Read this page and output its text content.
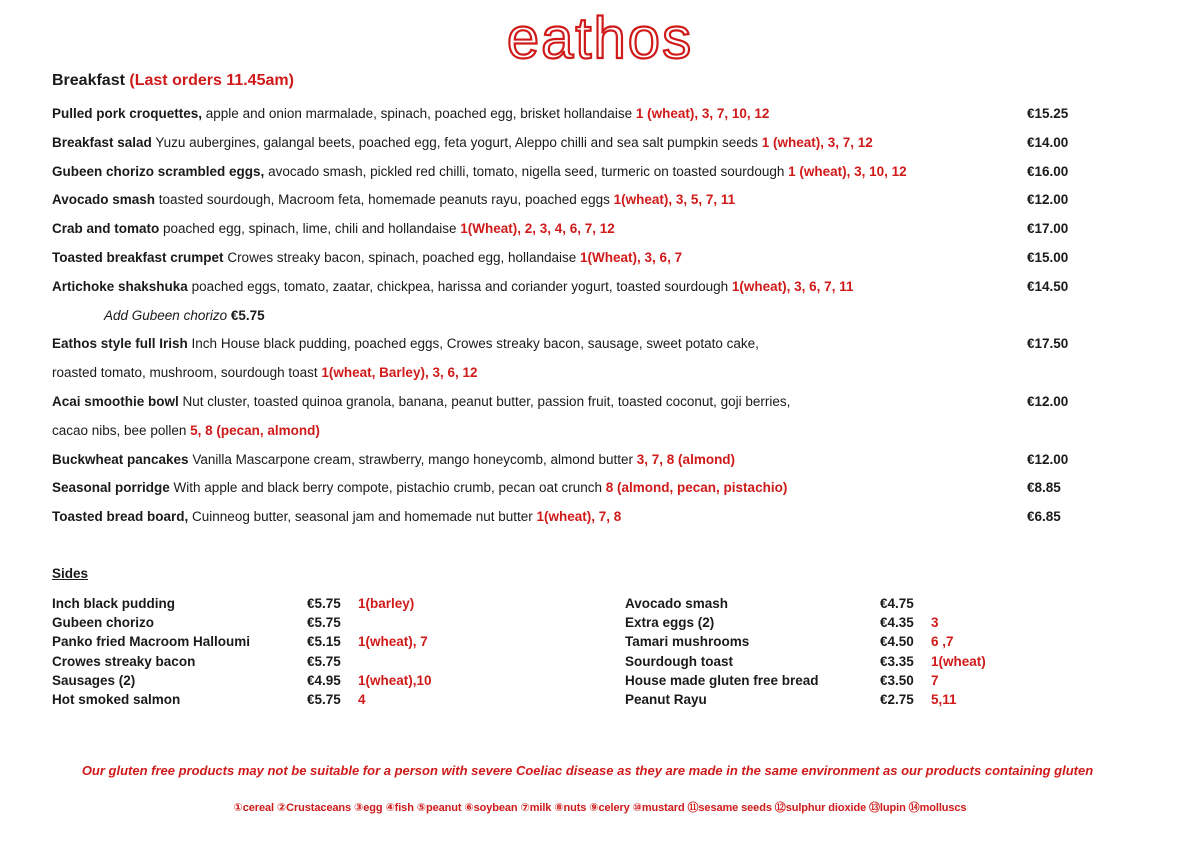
eathos
Breakfast (Last orders 11.45am)
Pulled pork croquettes, apple and onion marmalade, spinach, poached egg, brisket hollandaise 1 (wheat), 3, 7, 10, 12	€15.25
Breakfast salad Yuzu aubergines, galangal beets, poached egg, feta yogurt, Aleppo chilli and sea salt pumpkin seeds 1 (wheat), 3, 7, 12	€14.00
Gubeen chorizo scrambled eggs, avocado smash, pickled red chilli, tomato, nigella seed, turmeric on toasted sourdough 1 (wheat), 3, 10, 12	€16.00
Avocado smash toasted sourdough, Macroom feta, homemade peanuts rayu, poached eggs 1(wheat), 3, 5, 7, 11	€12.00
Crab and tomato poached egg, spinach, lime, chili and hollandaise 1(Wheat), 2, 3, 4, 6, 7, 12	€17.00
Toasted breakfast crumpet Crowes streaky bacon, spinach, poached egg, hollandaise 1(Wheat), 3, 6, 7	€15.00
Artichoke shakshuka poached eggs, tomato, zaatar, chickpea, harissa and coriander yogurt, toasted sourdough 1(wheat), 3, 6, 7, 11	€14.50
Add Gubeen chorizo €5.75
Eathos style full Irish Inch House black pudding, poached eggs, Crowes streaky bacon, sausage, sweet potato cake,	€17.50
roasted tomato, mushroom, sourdough toast 1(wheat, Barley), 3, 6, 12
Acai smoothie bowl Nut cluster, toasted quinoa granola, banana, peanut butter, passion fruit, toasted coconut, goji berries,	€12.00
cacao nibs, bee pollen 5, 8 (pecan, almond)
Buckwheat pancakes Vanilla Mascarpone cream, strawberry, mango honeycomb, almond butter 3, 7, 8 (almond)	€12.00
Seasonal porridge With apple and black berry compote, pistachio crumb, pecan oat crunch 8 (almond, pecan, pistachio)	€8.85
Toasted bread board, Cuinneog butter, seasonal jam and homemade nut butter 1(wheat), 7, 8	€6.85
Sides
Inch black pudding	€5.75 1(barley)
Gubeen chorizo	€5.75
Panko fried Macroom Halloumi	€5.15 1(wheat), 7
Crowes streaky bacon	€5.75
Sausages (2)	€4.95 1(wheat),10
Hot smoked salmon	€5.75 4
Avocado smash	€4.75
Extra eggs (2)	€4.35 3
Tamari mushrooms	€4.50 6 ,7
Sourdough toast	€3.35 1(wheat)
House made gluten free bread	€3.50 7
Peanut Rayu	€2.75 5,11
Our gluten free products may not be suitable for a person with severe Coeliac disease as they are made in the same environment as our products containing gluten
①cereal ②Crustaceans ③egg ④fish ⑤peanut ⑥soybean ⑦milk ⑧nuts ⑨celery ⑩mustard ⑪sesame seeds ⑫sulphur dioxide ⑬lupin ⑭molluscs
